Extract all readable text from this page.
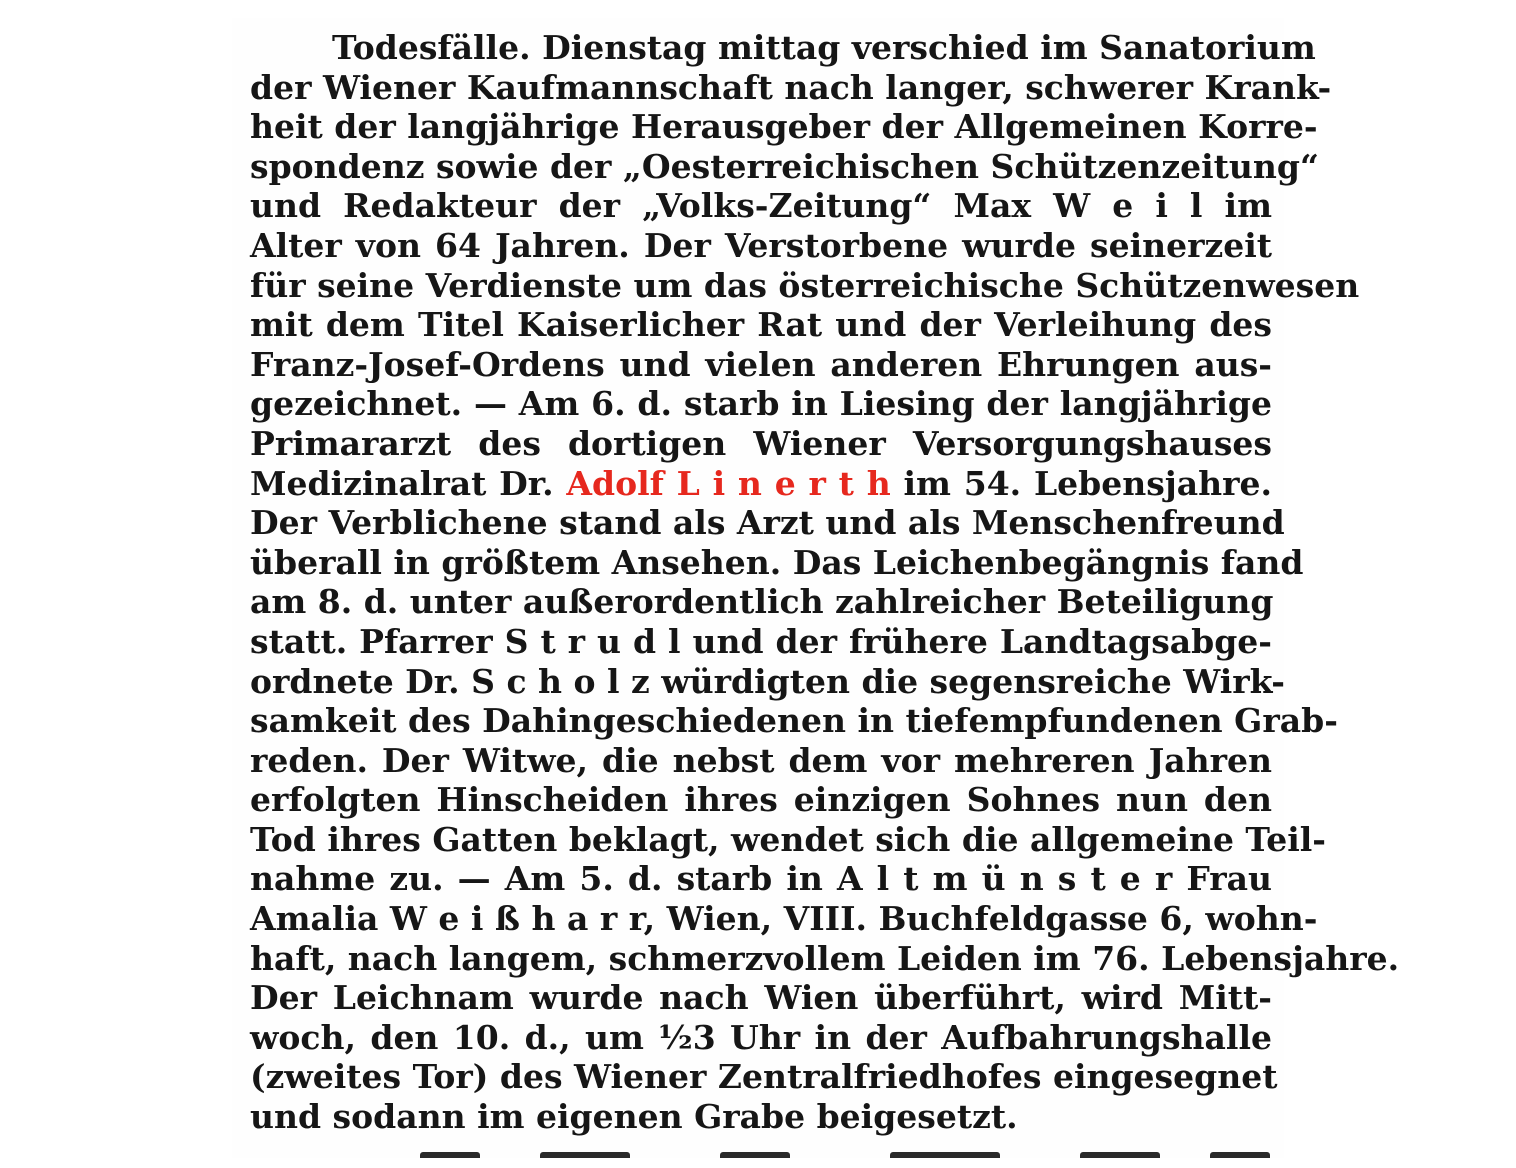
Todesfälle. Dienstag mittag verschied im Sanatorium
der Wiener Kaufmannschaft nach langer, schwerer Krank-
heit der langjährige Herausgeber der Allgemeinen Korre-
spondenz sowie der „Oesterreichischen Schützenzeitung“
und Redakteur der „Volks-Zeitung“ Max W e i l im
Alter von 64 Jahren. Der Verstorbene wurde seinerzeit
für seine Verdienste um das österreichische Schützenwesen
mit dem Titel Kaiserlicher Rat und der Verleihung des
Franz-Josef-Ordens und vielen anderen Ehrungen aus-
gezeichnet. — Am 6. d. starb in Liesing der langjährige
Primararzt des dortigen Wiener Versorgungshauses
Medizinalrat Dr. Adolf L i n e r t h im 54. Lebensjahre.
Der Verblichene stand als Arzt und als Menschenfreund
überall in größtem Ansehen. Das Leichenbegängnis fand
am 8. d. unter außerordentlich zahlreicher Beteiligung
statt. Pfarrer S t r u d l und der frühere Landtagsabge-
ordnete Dr. S c h o l z würdigten die segensreiche Wirk-
samkeit des Dahingeschiedenen in tiefempfundenen Grab-
reden. Der Witwe, die nebst dem vor mehreren Jahren
erfolgten Hinscheiden ihres einzigen Sohnes nun den
Tod ihres Gatten beklagt, wendet sich die allgemeine Teil-
nahme zu. — Am 5. d. starb in A l t m ü n s t e r Frau
Amalia W e i ß h a r r, Wien, VIII. Buchfeldgasse 6, wohn-
haft, nach langem, schmerzvollem Leiden im 76. Lebensjahre.
Der Leichnam wurde nach Wien überführt, wird Mitt-
woch, den 10. d., um ½3 Uhr in der Aufbahrungshalle
(zweites Tor) des Wiener Zentralfriedhofes eingesegnet
und sodann im eigenen Grabe beigesetzt.
